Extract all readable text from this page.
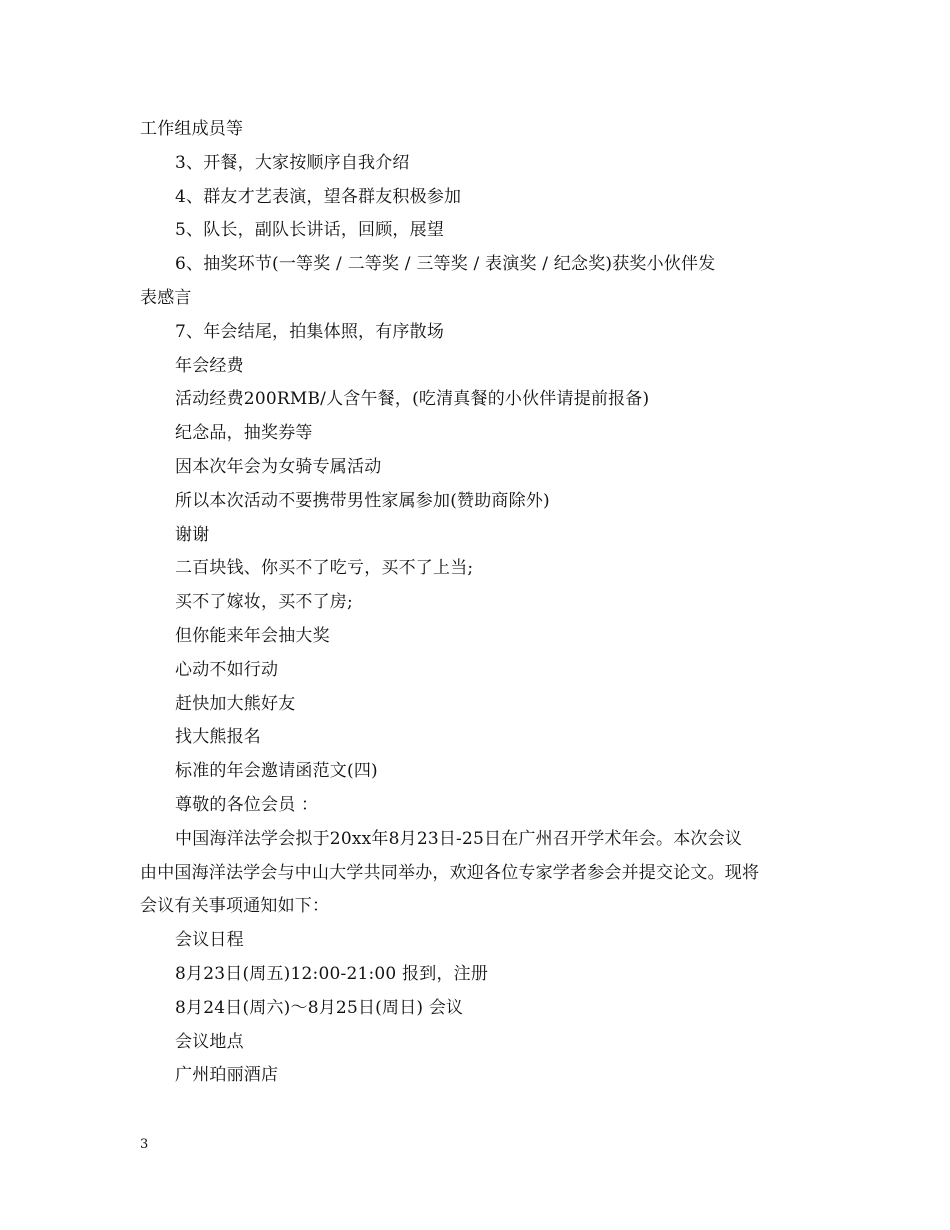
工作组成员等
3、开餐，大家按顺序自我介绍
4、群友才艺表演，望各群友积极参加
5、队长，副队长讲话，回顾，展望
6、抽奖环节(一等奖 / 二等奖 / 三等奖 / 表演奖 / 纪念奖)获奖小伙伴发
表感言
7、年会结尾，拍集体照，有序散场
年会经费
活动经费200RMB/人含午餐，(吃清真餐的小伙伴请提前报备)
纪念品，抽奖券等
因本次年会为女骑专属活动
所以本次活动不要携带男性家属参加(赞助商除外)
谢谢
二百块钱、你买不了吃亏，买不了上当;
买不了嫁妆，买不了房;
但你能来年会抽大奖
心动不如行动
赶快加大熊好友
找大熊报名
标准的年会邀请函范文(四)
尊敬的各位会员 ：
中国海洋法学会拟于20xx年8月23日-25日在广州召开学术年会。本次会议
由中国海洋法学会与中山大学共同举办，欢迎各位专家学者参会并提交论文。现将
会议有关事项通知如下：
会议日程
8月23日(周五)12:00-21:00 报到，注册
8月24日(周六)～8月25日(周日) 会议
会议地点
广州珀丽酒店
3
